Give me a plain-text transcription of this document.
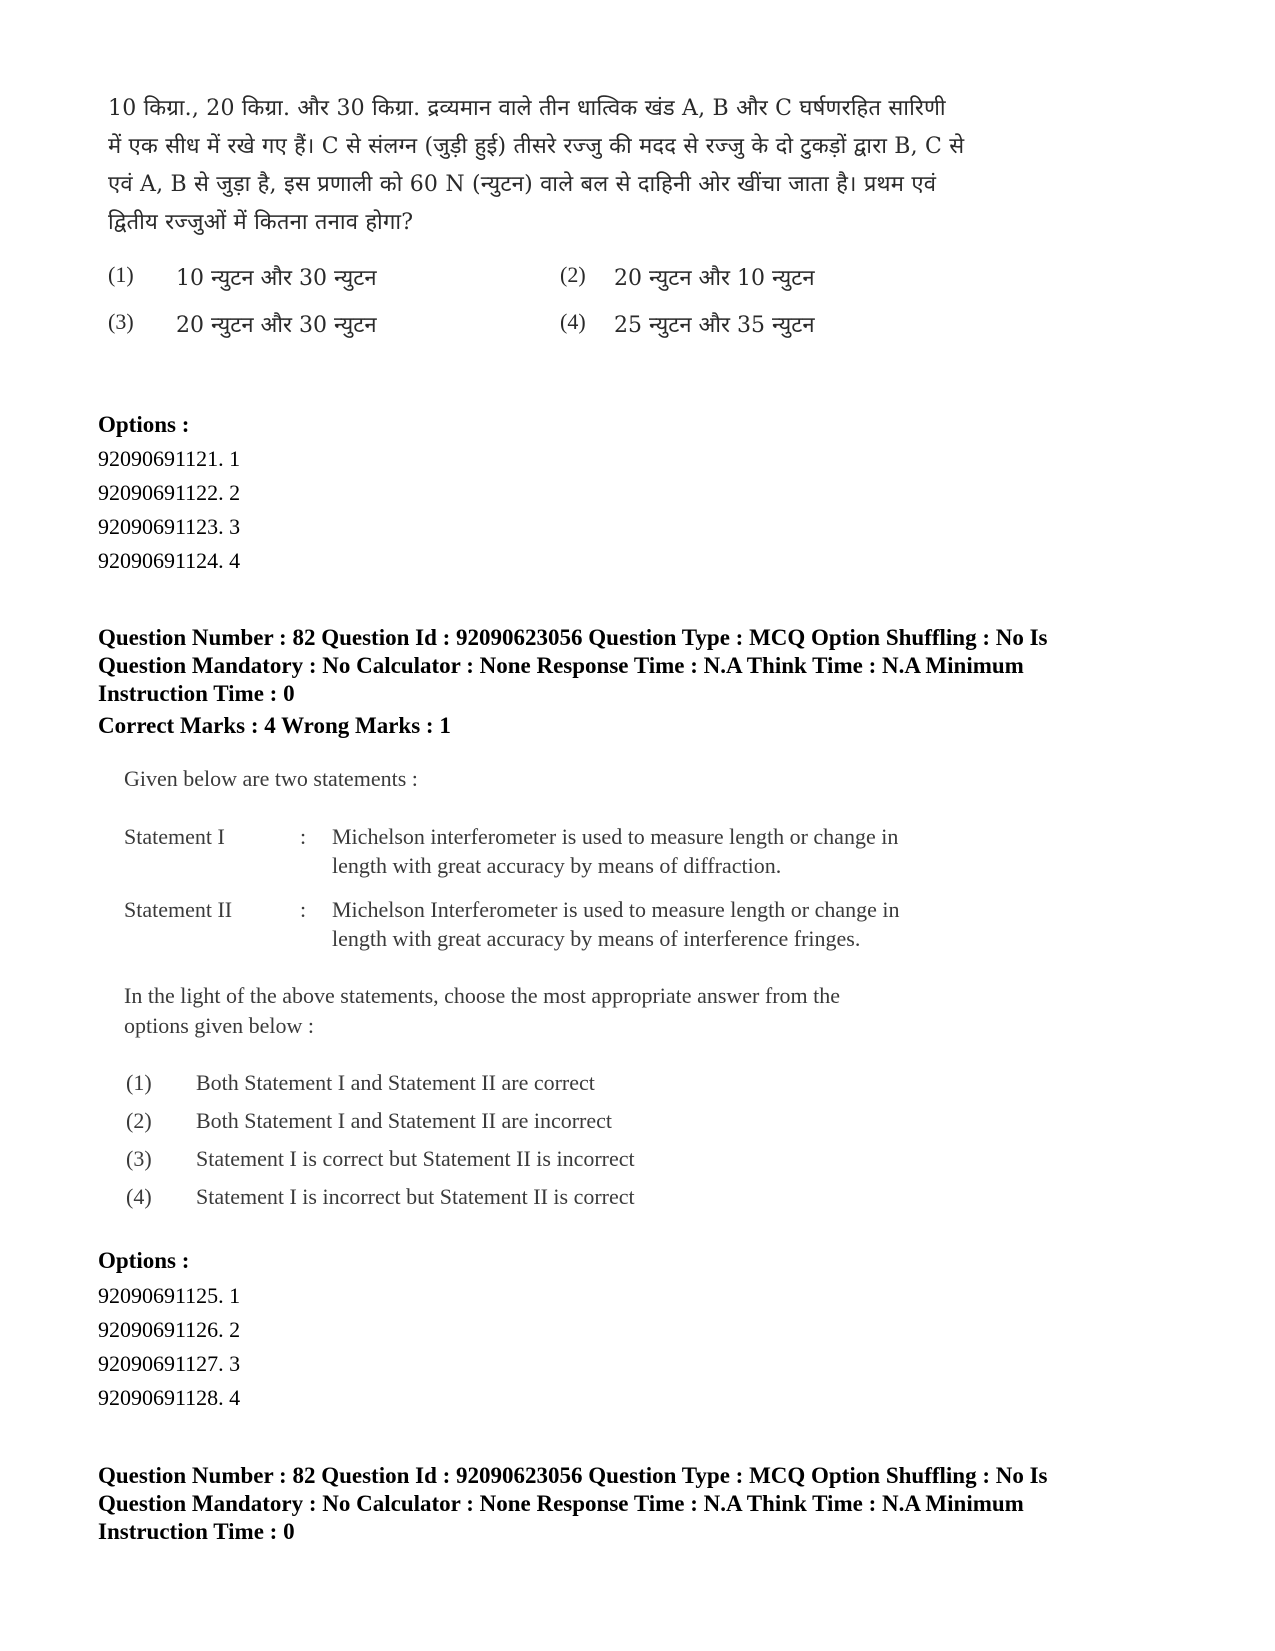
10 किग्रा., 20 किग्रा. और 30 किग्रा. द्रव्यमान वाले तीन धात्विक खंड A, B और C घर्षणरहित सारिणी
में एक सीध में रखे गए हैं। C से संलग्न (जुड़ी हुई) तीसरे रज्जु की मदद से रज्जु के दो टुकड़ों द्वारा B, C से
एवं A, B से जुड़ा है, इस प्रणाली को 60 N (न्युटन) वाले बल से दाहिनी ओर खींचा जाता है। प्रथम एवं
द्वितीय रज्जुओं में कितना तनाव होगा?
(1) 10 न्युटन और 30 न्युटन	(2) 20 न्युटन और 10 न्युटन
(3) 20 न्युटन और 30 न्युटन	(4) 25 न्युटन और 35 न्युटन
Options :
92090691121. 1
92090691122. 2
92090691123. 3
92090691124. 4
Question Number : 82 Question Id : 92090623056 Question Type : MCQ Option Shuffling : No Is
Question Mandatory : No Calculator : None Response Time : N.A Think Time : N.A Minimum
Instruction Time : 0
Correct Marks : 4 Wrong Marks : 1
Given below are two statements :
Statement I	: Michelson interferometer is used to measure length or change in
length with great accuracy by means of diffraction.
Statement II	: Michelson Interferometer is used to measure length or change in
length with great accuracy by means of interference fringes.
In the light of the above statements, choose the most appropriate answer from the
options given below :
(1) Both Statement I and Statement II are correct
(2) Both Statement I and Statement II are incorrect
(3) Statement I is correct but Statement II is incorrect
(4) Statement I is incorrect but Statement II is correct
Options :
92090691125. 1
92090691126. 2
92090691127. 3
92090691128. 4
Question Number : 82 Question Id : 92090623056 Question Type : MCQ Option Shuffling : No Is
Question Mandatory : No Calculator : None Response Time : N.A Think Time : N.A Minimum
Instruction Time : 0
